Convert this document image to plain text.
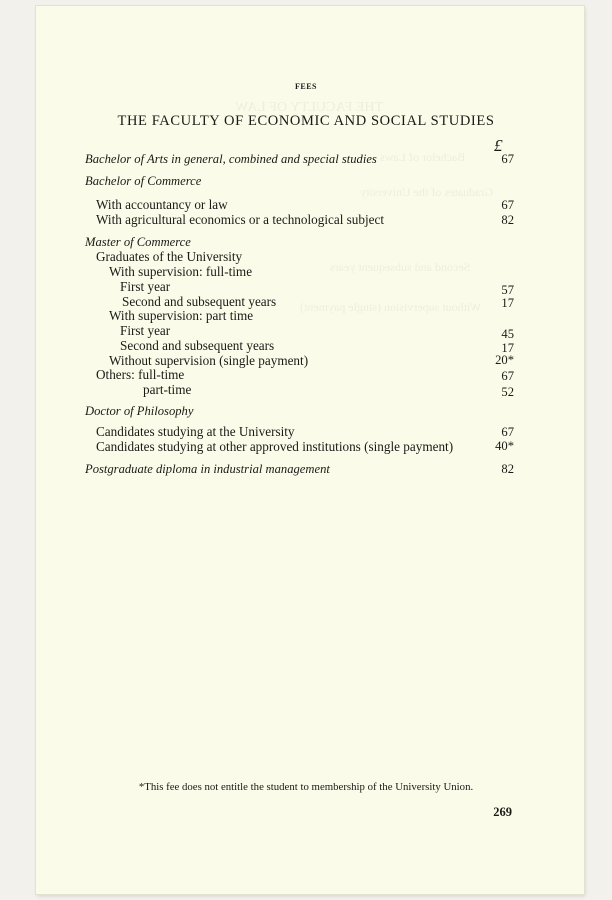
THE FACULTY OF LAW
Bachelor of Laws
Graduates of the University
Second and subsequent years
Without supervision (single payment)
FEES
THE FACULTY OF ECONOMIC AND SOCIAL STUDIES
£
Bachelor of Arts in general, combined and special studies	67
Bachelor of Commerce
With accountancy or law	67
With agricultural economics or a technological subject	82
Master of Commerce
Graduates of the University
With supervision: full-time
First year	57
Second and subsequent years	17
With supervision: part time
First year	45
Second and subsequent years	17
Without supervision (single payment)	20*
Others: full-time	67
part-time	52
Doctor of Philosophy
Candidates studying at the University	67
Candidates studying at other approved institutions (single payment)	40*
Postgraduate diploma in industrial management	82
*This fee does not entitle the student to membership of the University Union.
269
